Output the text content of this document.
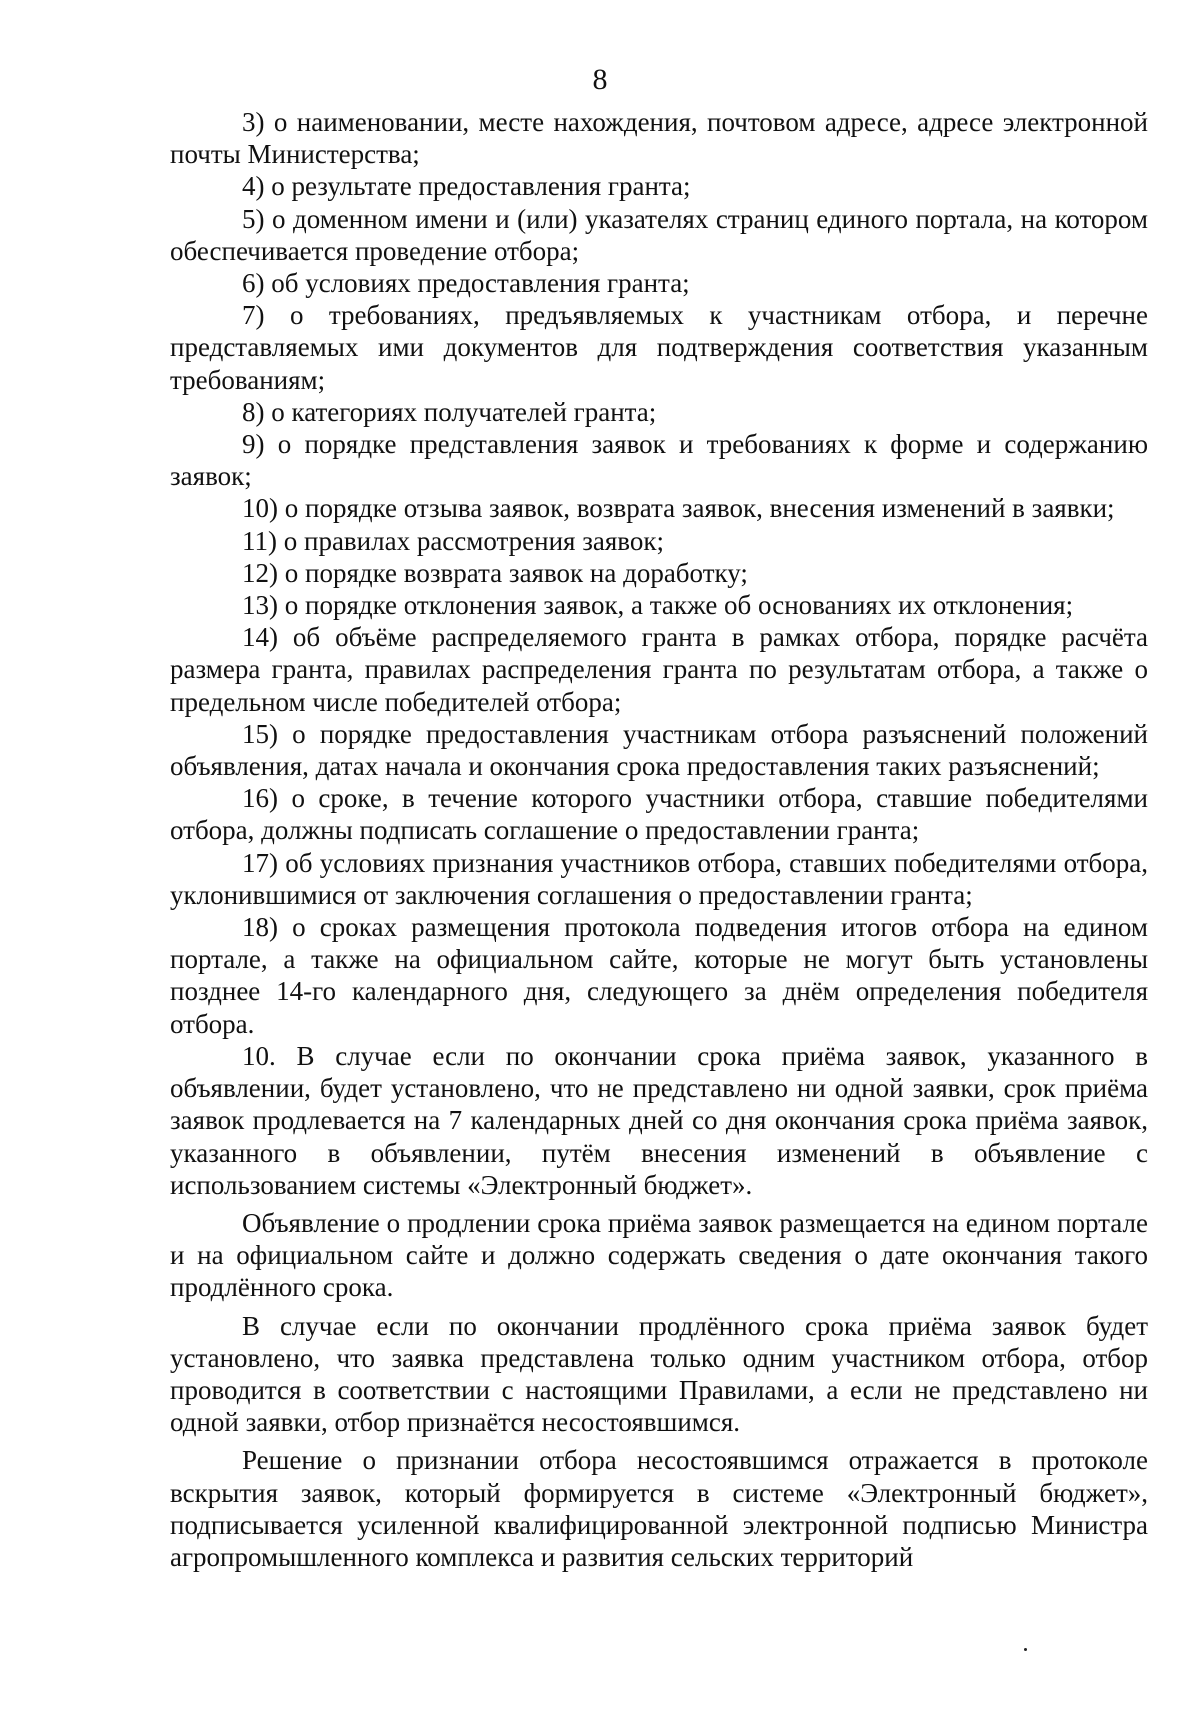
8

3) о наименовании, месте нахождения, почтовом адресе, адресе электронной почты Министерства;

4) о результате предоставления гранта;

5) о доменном имени и (или) указателях страниц единого портала, на котором обеспечивается проведение отбора;

6) об условиях предоставления гранта;

7) о требованиях, предъявляемых к участникам отбора, и перечне представляемых ими документов для подтверждения соответствия указанным требованиям;

8) о категориях получателей гранта;

9) о порядке представления заявок и требованиях к форме и содержанию заявок;

10) о порядке отзыва заявок, возврата заявок, внесения изменений в заявки;

11) о правилах рассмотрения заявок;

12) о порядке возврата заявок на доработку;

13) о порядке отклонения заявок, а также об основаниях их отклонения;

14) об объёме распределяемого гранта в рамках отбора, порядке расчёта размера гранта, правилах распределения гранта по результатам отбора, а также о предельном числе победителей отбора;

15) о порядке предоставления участникам отбора разъяснений положений объявления, датах начала и окончания срока предоставления таких разъяснений;

16) о сроке, в течение которого участники отбора, ставшие победителями отбора, должны подписать соглашение о предоставлении гранта;

17) об условиях признания участников отбора, ставших победителями отбора, уклонившимися от заключения соглашения о предоставлении гранта;

18) о сроках размещения протокола подведения итогов отбора на едином портале, а также на официальном сайте, которые не могут быть установлены позднее 14-го календарного дня, следующего за днём определения победителя отбора.

10. В случае если по окончании срока приёма заявок, указанного в объявлении, будет установлено, что не представлено ни одной заявки, срок приёма заявок продлевается на 7 календарных дней со дня окончания срока приёма заявок, указанного в объявлении, путём внесения изменений в объявление с использованием системы «Электронный бюджет».

Объявление о продлении срока приёма заявок размещается на едином портале и на официальном сайте и должно содержать сведения о дате окончания такого продлённого срока.

В случае если по окончании продлённого срока приёма заявок будет установлено, что заявка представлена только одним участником отбора, отбор проводится в соответствии с настоящими Правилами, а если не представлено ни одной заявки, отбор признаётся несостоявшимся.

Решение о признании отбора несостоявшимся отражается в протоколе вскрытия заявок, который формируется в системе «Электронный бюджет», подписывается усиленной квалифицированной электронной подписью Министра агропромышленного комплекса и развития сельских территорий
